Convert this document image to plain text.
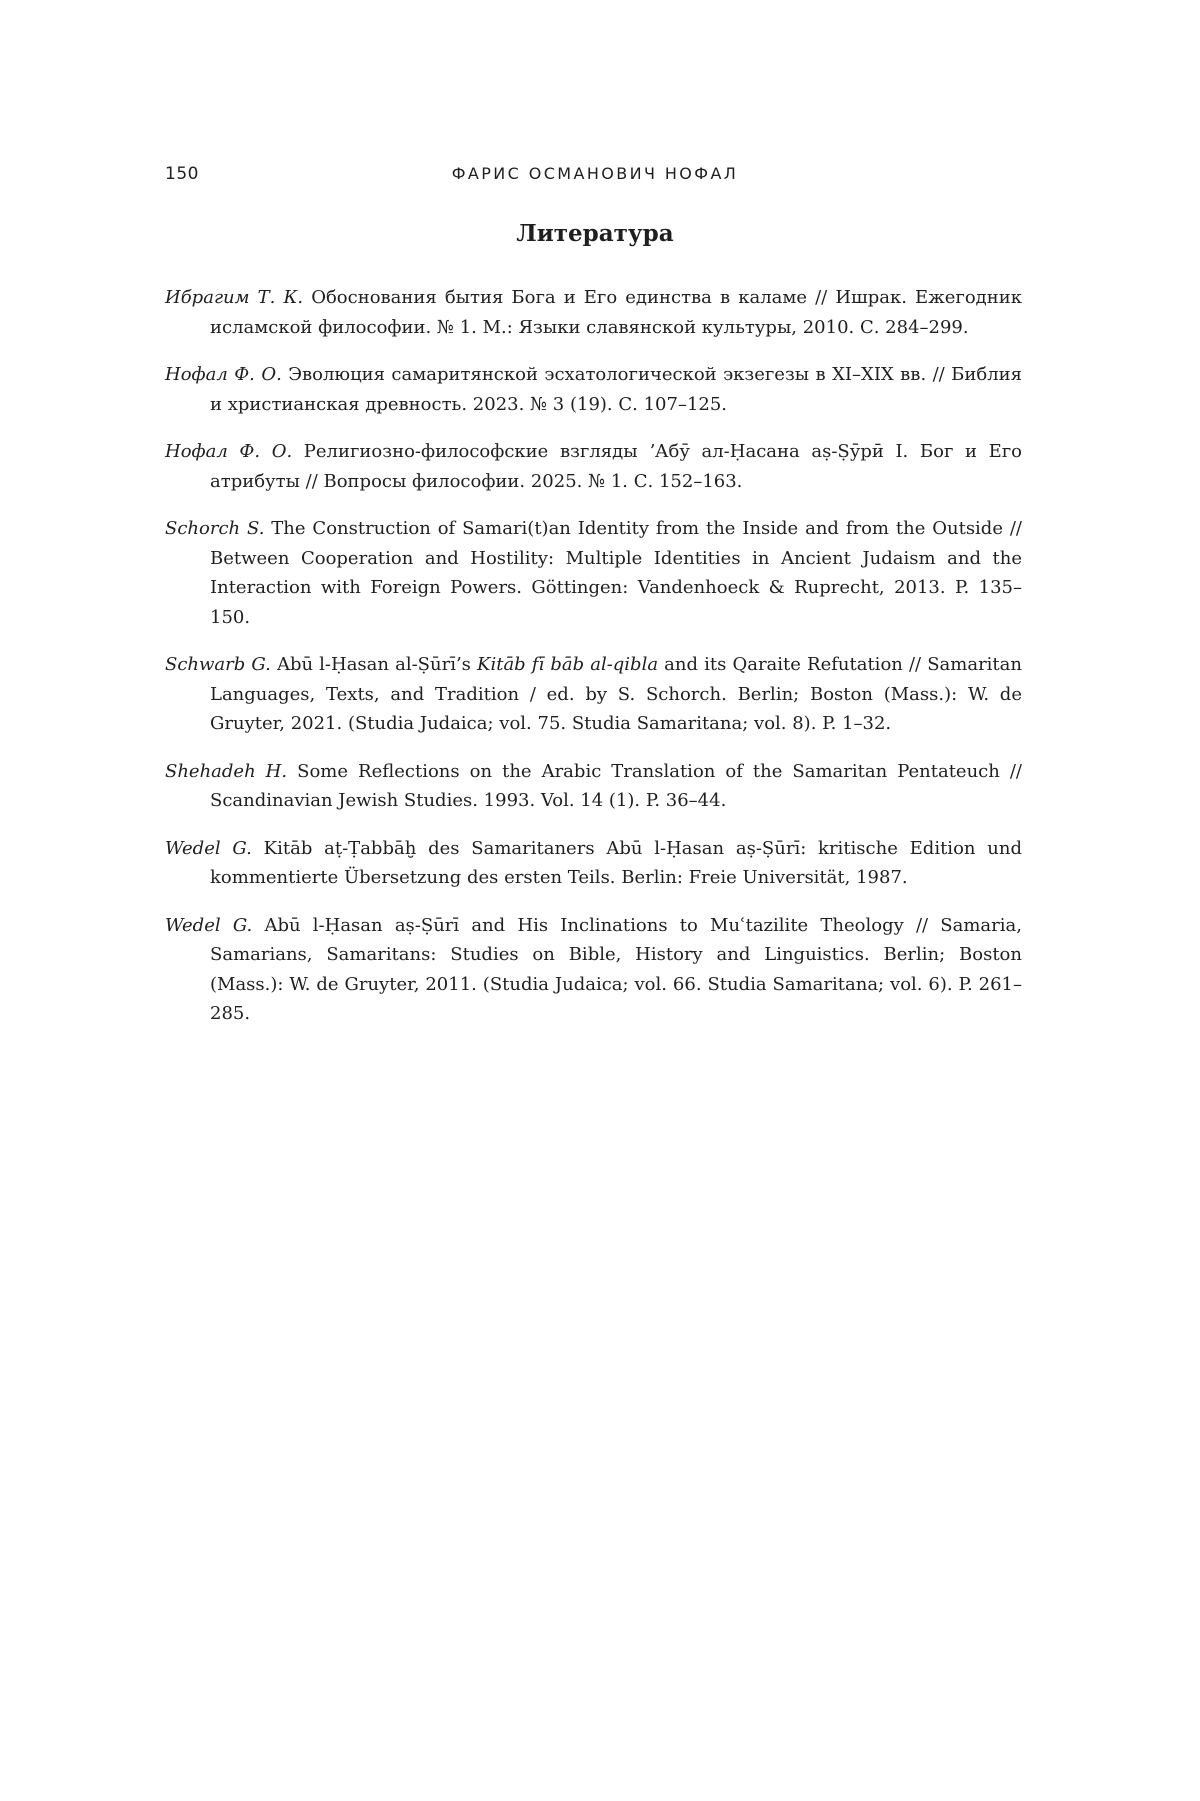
150	ФАРИС ОСМАНОВИЧ НОФАЛ
Литература

Ибрагим Т. К. Обоснования бытия Бога и Его единства в каламе // Ишрак. Ежегодник исламской философии. № 1. М.: Языки славянской культуры, 2010. С. 284–299.

Нофал Ф. О. Эволюция самаритянской эсхатологической экзегезы в XI–XIX вв. // Библия и христианская древность. 2023. № 3 (19). С. 107–125.

Нофал Ф. О. Религиозно-философские взгляды ʼАбӯ ал-Ḥасана аṣ-Ṣӯрӣ I. Бог и Его атрибуты // Вопросы философии. 2025. № 1. С. 152–163.

Schorch S. The Construction of Samari(t)an Identity from the Inside and from the Outside // Between Cooperation and Hostility: Multiple Identities in Ancient Judaism and the Interaction with Foreign Powers. Göttingen: Vandenhoeck & Ruprecht, 2013. P. 135–150.

Schwarb G. Abū l-Ḥasan al-Ṣūrī’s Kitāb fī bāb al-qibla and its Qaraite Refutation // Samaritan Languages, Texts, and Tradition / ed. by S. Schorch. Berlin; Boston (Mass.): W. de Gruyter, 2021. (Studia Judaica; vol. 75. Studia Samaritana; vol. 8). P. 1–32.

Shehadeh H. Some Reflections on the Arabic Translation of the Samaritan Pentateuch // Scandinavian Jewish Studies. 1993. Vol. 14 (1). P. 36–44.

Wedel G. Kitāb aṭ-Ṭabbāḫ des Samaritaners Abū l-Ḥasan aṣ-Ṣūrī: kritische Edition und kommentierte Übersetzung des ersten Teils. Berlin: Freie Universität, 1987.

Wedel G. Abū l-Ḥasan aṣ-Ṣūrī and His Inclinations to Muʿtazilite Theology // Samaria, Samarians, Samaritans: Studies on Bible, History and Linguistics. Berlin; Boston (Mass.): W. de Gruyter, 2011. (Studia Judaica; vol. 66. Studia Samaritana; vol. 6). P. 261–285.
